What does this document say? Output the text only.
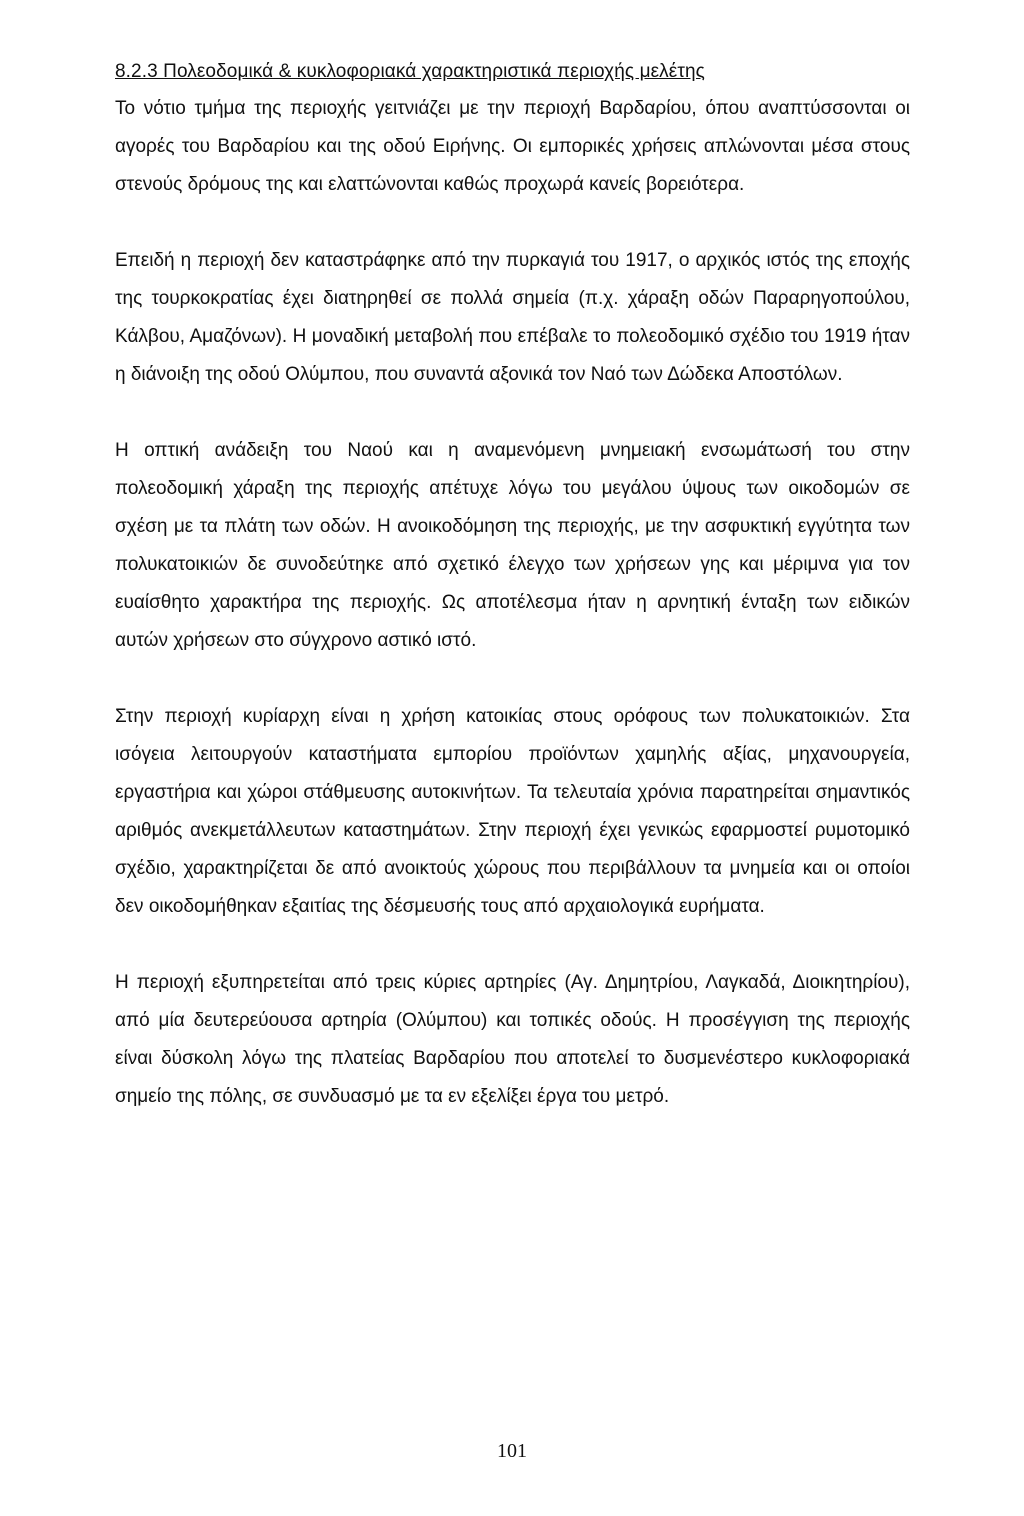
8.2.3 Πολεοδομικά & κυκλοφοριακά χαρακτηριστικά περιοχής μελέτης

Το νότιο τμήμα της περιοχής γειτνιάζει με την περιοχή Βαρδαρίου, όπου αναπτύσσονται οι αγορές του Βαρδαρίου και της οδού Ειρήνης. Οι εμπορικές χρήσεις απλώνονται μέσα στους στενούς δρόμους της και ελαττώνονται καθώς προχωρά κανείς βορειότερα.

Επειδή η περιοχή δεν καταστράφηκε από την πυρκαγιά του 1917, ο αρχικός ιστός της εποχής της τουρκοκρατίας έχει διατηρηθεί σε πολλά σημεία (π.χ. χάραξη οδών Παραρηγοπούλου, Κάλβου, Αμαζόνων). Η μοναδική μεταβολή που επέβαλε το πολεοδομικό σχέδιο του 1919 ήταν η διάνοιξη της οδού Ολύμπου, που συναντά αξονικά τον Ναό των Δώδεκα Αποστόλων.

Η οπτική ανάδειξη του Ναού και η αναμενόμενη μνημειακή ενσωμάτωσή του στην πολεοδομική χάραξη της περιοχής απέτυχε λόγω του μεγάλου ύψους των οικοδομών σε σχέση με τα πλάτη των οδών. Η ανοικοδόμηση της περιοχής, με την ασφυκτική εγγύτητα των πολυκατοικιών δε συνοδεύτηκε από σχετικό έλεγχο των χρήσεων γης και μέριμνα για τον ευαίσθητο χαρακτήρα της περιοχής. Ως αποτέλεσμα ήταν η αρνητική ένταξη των ειδικών αυτών χρήσεων στο σύγχρονο αστικό ιστό.

Στην περιοχή κυρίαρχη είναι η χρήση κατοικίας στους ορόφους των πολυκατοικιών. Στα ισόγεια λειτουργούν καταστήματα εμπορίου προϊόντων χαμηλής αξίας, μηχανουργεία, εργαστήρια και χώροι στάθμευσης αυτοκινήτων. Τα τελευταία χρόνια παρατηρείται σημαντικός αριθμός ανεκμετάλλευτων καταστημάτων. Στην περιοχή έχει γενικώς εφαρμοστεί ρυμοτομικό σχέδιο, χαρακτηρίζεται δε από ανοικτούς χώρους που περιβάλλουν τα μνημεία και οι οποίοι δεν οικοδομήθηκαν εξαιτίας της δέσμευσής τους από αρχαιολογικά ευρήματα.

Η περιοχή εξυπηρετείται από τρεις κύριες αρτηρίες (Αγ. Δημητρίου, Λαγκαδά, Διοικητηρίου), από μία δευτερεύουσα αρτηρία (Ολύμπου) και τοπικές οδούς. Η προσέγγιση της περιοχής είναι δύσκολη λόγω της πλατείας Βαρδαρίου που αποτελεί το δυσμενέστερο κυκλοφοριακά σημείο της πόλης, σε συνδυασμό με τα εν εξελίξει έργα του μετρό.

101
